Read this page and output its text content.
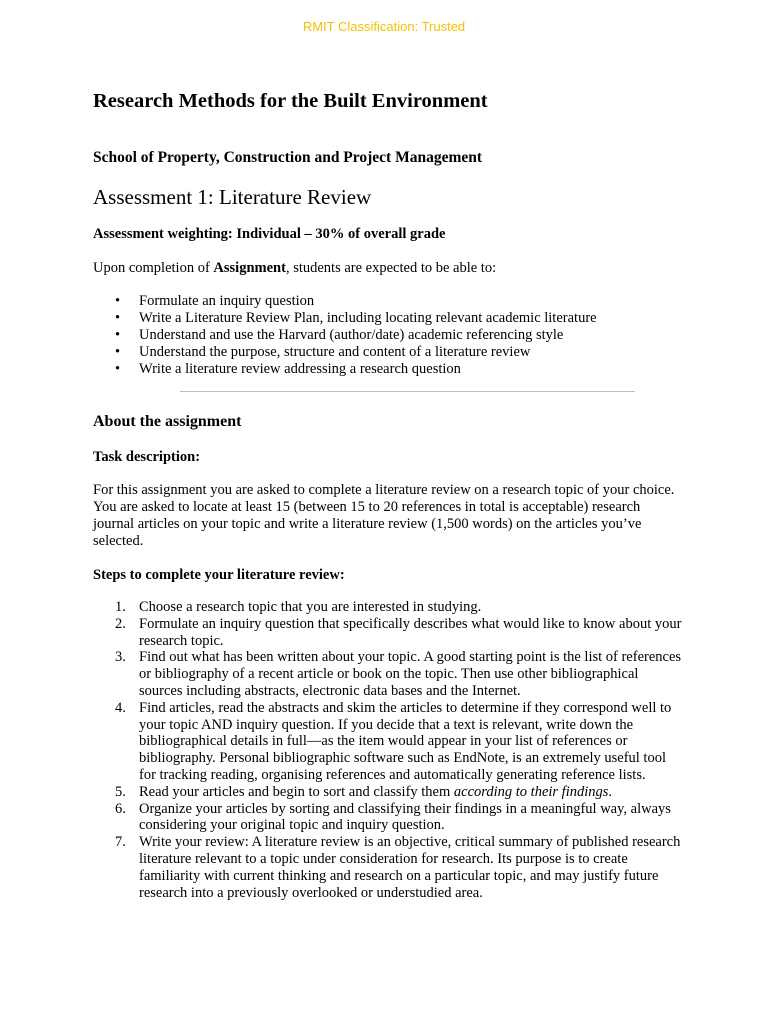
RMIT Classification: Trusted
Research Methods for the Built Environment
School of Property, Construction and Project Management
Assessment 1: Literature Review

Assessment weighting: Individual – 30% of overall grade

Upon completion of Assignment, students are expected to be able to:

• Formulate an inquiry question
• Write a Literature Review Plan, including locating relevant academic literature
• Understand and use the Harvard (author/date) academic referencing style
• Understand the purpose, structure and content of a literature review
• Write a literature review addressing a research question
About the assignment
Task description:

For this assignment you are asked to complete a literature review on a research topic of your choice. You are asked to locate at least 15 (between 15 to 20 references in total is acceptable) research journal articles on your topic and write a literature review (1,500 words) on the articles you’ve selected.

Steps to complete your literature review:
1. Choose a research topic that you are interested in studying.
2. Formulate an inquiry question that specifically describes what would like to know about your research topic.
3. Find out what has been written about your topic. A good starting point is the list of references or bibliography of a recent article or book on the topic. Then use other bibliographical sources including abstracts, electronic data bases and the Internet.
4. Find articles, read the abstracts and skim the articles to determine if they correspond well to your topic AND inquiry question. If you decide that a text is relevant, write down the bibliographical details in full—as the item would appear in your list of references or bibliography. Personal bibliographic software such as EndNote, is an extremely useful tool for tracking reading, organising references and automatically generating reference lists.
5. Read your articles and begin to sort and classify them according to their findings.
6. Organize your articles by sorting and classifying their findings in a meaningful way, always considering your original topic and inquiry question.
7. Write your review: A literature review is an objective, critical summary of published research literature relevant to a topic under consideration for research. Its purpose is to create familiarity with current thinking and research on a particular topic, and may justify future research into a previously overlooked or understudied area.
